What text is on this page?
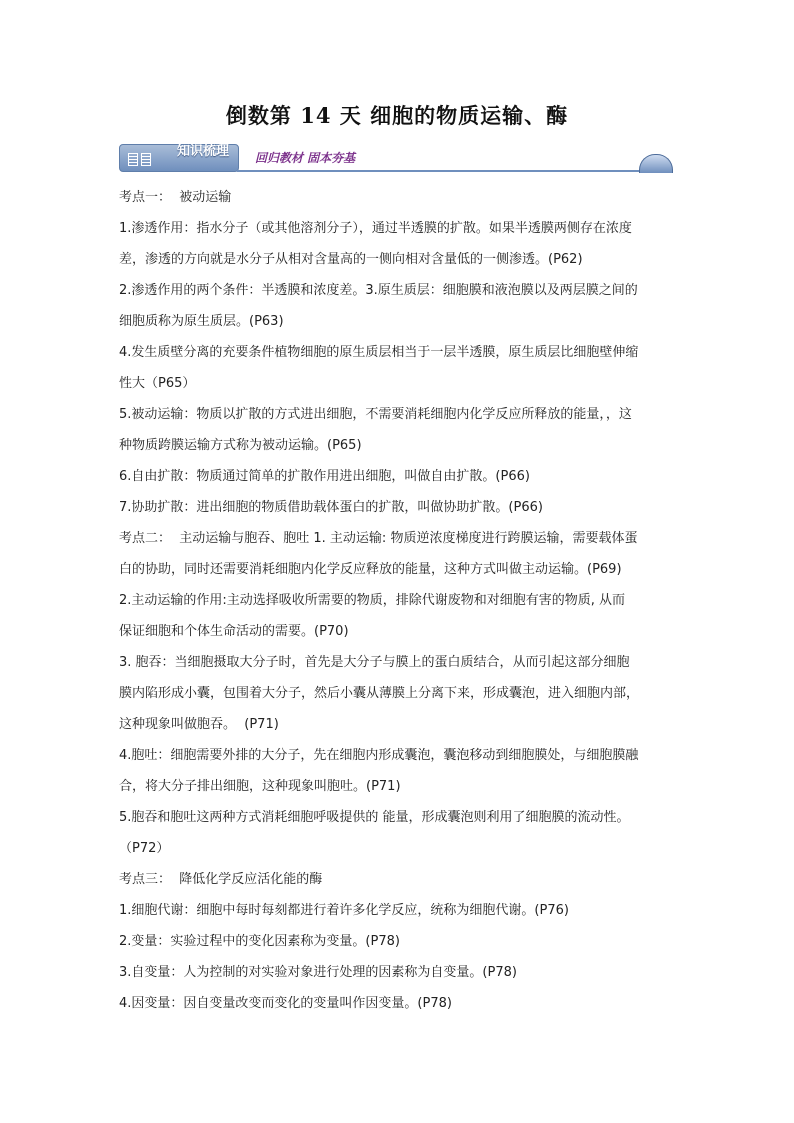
倒数第 14 天 细胞的物质运输、酶
知识梳理 回归教材 固本夯基

考点一：  被动运输

1.渗透作用：指水分子（或其他溶剂分子），通过半透膜的扩散。如果半透膜两侧存在浓度

差，渗透的方向就是水分子从相对含量高的一侧向相对含量低的一侧渗透。(P62)

2.渗透作用的两个条件：半透膜和浓度差。3.原生质层：细胞膜和液泡膜以及两层膜之间的

细胞质称为原生质层。(P63)

4.发生质壁分离的充要条件植物细胞的原生质层相当于一层半透膜，原生质层比细胞壁伸缩

性大（P65）

5.被动运输：物质以扩散的方式进出细胞，不需要消耗细胞内化学反应所释放的能量，，这

种物质跨膜运输方式称为被动运输。(P65)

6.自由扩散：物质通过简单的扩散作用进出细胞，叫做自由扩散。(P66)

7.协助扩散：进出细胞的物质借助载体蛋白的扩散，叫做协助扩散。(P66)

考点二：  主动运输与胞吞、胞吐 1. 主动运输: 物质逆浓度梯度进行跨膜运输，需要载体蛋

白的协助，同时还需要消耗细胞内化学反应释放的能量，这种方式叫做主动运输。(P69)

2.主动运输的作用:主动选择吸收所需要的物质，排除代谢废物和对细胞有害的物质, 从而

保证细胞和个体生命活动的需要。(P70)

3. 胞吞：当细胞摄取大分子时，首先是大分子与膜上的蛋白质结合，从而引起这部分细胞

膜内陷形成小囊，包围着大分子，然后小囊从薄膜上分离下来，形成囊泡，进入细胞内部，

这种现象叫做胞吞。  (P71)

4.胞吐：细胞需要外排的大分子，先在细胞内形成囊泡，囊泡移动到细胞膜处，与细胞膜融

合，将大分子排出细胞，这种现象叫胞吐。(P71)

5.胞吞和胞吐这两种方式消耗细胞呼吸提供的 能量，形成囊泡则利用了细胞膜的流动性。

（P72）

考点三：  降低化学反应活化能的酶

1.细胞代谢：细胞中每时每刻都进行着许多化学反应，统称为细胞代谢。(P76)

2.变量：实验过程中的变化因素称为变量。(P78)

3.自变量：人为控制的对实验对象进行处理的因素称为自变量。(P78)

4.因变量：因自变量改变而变化的变量叫作因变量。(P78)
